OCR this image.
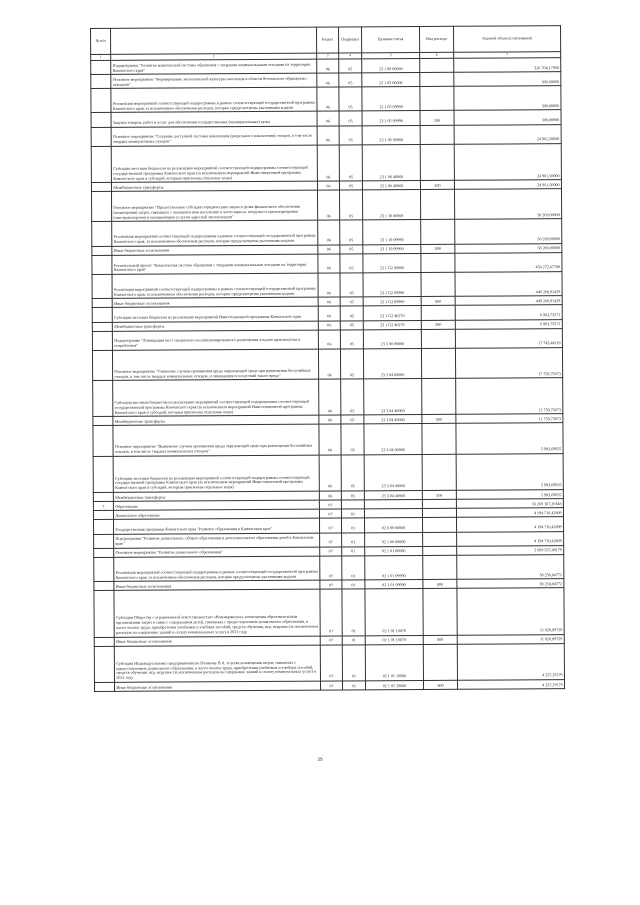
№ п/п		Раздел	Подраздел	Целевая статья	Вид расхода	Годовой объем ассигнований
1	2	3	4	5	6	7
	Подпрограмма "Развитие комплексной системы обращения с твердыми коммунальными отходами на территории Камчатского края"	06	05	23 1 00 00000		326 704,17900
	Основное мероприятие "Формирование экологической культуры населения в области безопасного обращения с отходами"	06	05	23 1 05 00000		300,00000
	Реализация мероприятий соответствующей подпрограммы в рамках соответствующей государственной программы Камчатского края, за исключением обеспечения расходов, которые предусмотрены указанными кодами	06	05	23 1 05 09990		300,00000
	Закупка товаров, работ и услуг для обеспечения государственных (муниципальных) нужд	06	05	23 1 05 09990	200	300,00000
	Основное мероприятие "Создание доступной системы накопления (раздельного накопления) отходов, в том числе твердых коммунальных отходов"	06	05	23 1 06 00000		24 961,50000
	Субсидии местным бюджетам на реализацию мероприятий соответствующей подпрограммы соответствующей государственной программы Камчатского края (за исключением мероприятий Инвестиционной программы Камчатского края и субсидий, которым присвоены отдельные коды)	06	05	23 1 06 40060		24 961,50000
	Межбюджетные трансферты	06	05	23 1 06 40060	500	24 961,50000
	Основное мероприятие "Предоставление субсидии юридическим лицам в целях финансового обеспечения (возмещения) затрат, связанных с оказанием ими населению в части вывоза, погрузки и транспортировки (автотранспортом) и оказывающим услугам адресной эксплуатации"	06	05	23 1 10 00000		58 269,00000
	Реализация мероприятий соответствующей подпрограммы в рамках соответствующей государственной программы Камчатского края, за исключением обеспечения расходов, которые предусмотрены указанными кодами	06	05	23 1 10 09990		58 269,00000
	Иные бюджетные ассигнования	06	05	23 1 10 09990	800	58 269,00000
	Региональный проект "Комплексная система обращения с твердыми коммунальными отходами на территории Камчатского края"	06	05	23 1 G2 00000		458 272,67700
	Реализация мероприятий соответствующей подпрограммы в рамках соответствующей государственной программы Камчатского края, за исключением обеспечения расходов, которые предусмотрены указанными кодами	06	05	23 1 G2 09990		449 268,91429
	Иные бюджетные ассигнования	06	05	23 1 G2 09990	800	449 268,91429
	Субсидии местным бюджетам на реализацию мероприятий Инвестиционной программы Камчатского края	06	05	23 1 G2 40270		6 903,75571
	Межбюджетные трансферты	06	05	23 1 G2 40270	500	6 903,75571
	Подпрограмма "Ликвидация мест специально несанкционированного размещения отходов производства и потребления"	06	05	23 3 00 00000		17 743,44118
	Основное мероприятие "Снижение случаев причинения вреда окружающей среде при размещении бесхозяйных отходов, в том числе твердых коммунальных отходов, и ликвидация последствий такого вреда"	06	05	23 3 04 00000		17 759,75073
	Субсидии местным бюджетам на реализацию мероприятий соответствующей подпрограммы соответствующей государственной программы Камчатского края (за исключением мероприятий Инвестиционной программы Камчатского края и субсидий, которым присвоены отдельные коды)	06	05	23 3 04 40060		11 759,75073
	Межбюджетные трансферты	06	05	23 3 04 40060	500	11 759,75073
	Основное мероприятие "Выявление случаев причинения вреда окружающей среде при размещении бесхозяйных отходов, в том числе твердых коммунальных отходов"	06	05	23 3 04 00000		5 983,69055
	Субсидии местным бюджетам на реализацию мероприятий соответствующей подпрограммы соответствующей государственной программы Камчатского края (за исключением мероприятий Инвестиционной программы Камчатского края и субсидий, которым присвоены отдельные коды)	06	05	23 3 04 40060		5 983,69055
	Межбюджетные трансферты	06	05	23 3 04 40060	500	5 983,69055
7	Образование	07				16 269 167,20348
	Дошкольное образование	07	01			4 194 710,42809
	Государственная программа Камчатского края "Развитие образования в Камчатском крае"	07	01	02 0 00 00000		4 194 710,42809
	Подпрограмма "Развитие дошкольного, общего образования и дополнительного образования детей в Камчатском крае"	07	01	02 1 00 00000		4 194 710,42809
	Основное мероприятие "Развитие дошкольного образования"	07	01	02 1 01 00000		2 689 557,88179
	Реализация мероприятий соответствующей подпрограммы в рамках соответствующей государственной программы Камчатского края, за исключением обеспечения расходов, которые предусмотрены указанными кодами	07	01	02 1 01 09990		38 258,84772
	Иные бюджетные ассигнования	07	01	02 1 01 09990	800	38 258,84772
	Субсидия Обществу с ограниченной ответственностью «Новокорякское» возмещения образовательным организациям затрат в связи с содержанием детей, связанных с предоставлением дошкольного образования, в части оплаты труда, приобретения учебников и учебных пособий, средств обучения, игр, игрушек (за исключением расходов на содержание зданий и оплату коммунальных услуг) в 2021 году	07	01	02 1 01 10070		11 820,89729
	Иные бюджетные ассигнования	07	01	02 1 01 10070	800	11 820,89729
	Субсидия Индивидуальному предпринимателю Полякову В.А. в целях возмещения затрат, связанных с предоставлением дошкольного образования, в части оплаты труда, приобретения учебников и учебных пособий, средств обучения, игр, игрушек (за исключением расходов на содержание зданий и оплату коммунальных услуг) в 2021 году	07	01	02 1 01 10680		4 257,29179
	Иные бюджетные ассигнования	07	01	02 1 01 10680	800	4 257,29179
39
